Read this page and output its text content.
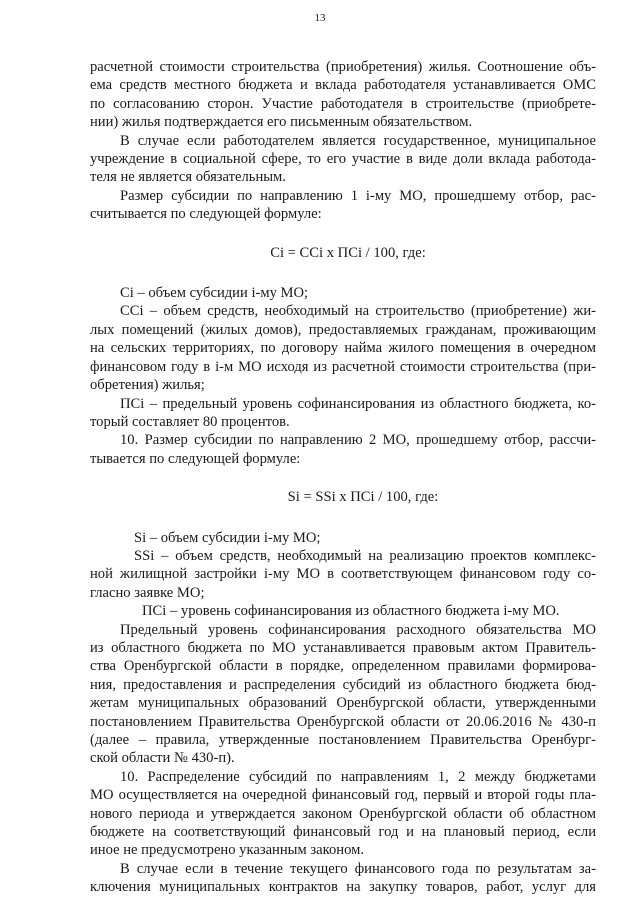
13
расчетной стоимости строительства (приобретения) жилья. Соотношение объ-
ема средств местного бюджета и вклада работодателя устанавливается ОМС
по согласованию сторон. Участие работодателя в строительстве (приобрете-
нии) жилья подтверждается его письменным обязательством.
В случае если работодателем является государственное, муниципальное
учреждение в социальной сфере, то его участие в виде доли вклада работода-
теля не является обязательным.
Размер субсидии по направлению 1 i-му МО, прошедшему отбор, рас-
считывается по следующей формуле:
Ci = CCi x ПCi / 100, где:
Ci – объем субсидии i-му МО;
CCi – объем средств, необходимый на строительство (приобретение) жи-
лых помещений (жилых домов), предоставляемых гражданам, проживающим
на сельских территориях, по договору найма жилого помещения в очередном
финансовом году в i-м МО исходя из расчетной стоимости строительства (при-
обретения) жилья;
ПCi – предельный уровень софинансирования из областного бюджета, ко-
торый составляет 80 процентов.
10. Размер субсидии по направлению 2 МО, прошедшему отбор, рассчи-
тывается по следующей формуле:
Si = SSi x ПCi / 100, где:
Si – объем субсидии i-му МО;
SSi – объем средств, необходимый на реализацию проектов комплекс-
ной жилищной застройки i-му МО в соответствующем финансовом году со-
гласно заявке МО;
ПCi – уровень софинансирования из областного бюджета i-му МО.
Предельный уровень софинансирования расходного обязательства МО
из областного бюджета по МО устанавливается правовым актом Правитель-
ства Оренбургской области в порядке, определенном правилами формирова-
ния, предоставления и распределения субсидий из областного бюджета бюд-
жетам муниципальных образований Оренбургской области, утвержденными
постановлением Правительства Оренбургской области от 20.06.2016 № 430-п
(далее – правила, утвержденные постановлением Правительства Оренбург-
ской области № 430-п).
10. Распределение субсидий по направлениям 1, 2 между бюджетами
МО осуществляется на очередной финансовый год, первый и второй годы пла-
нового периода и утверждается законом Оренбургской области об областном
бюджете на соответствующий финансовый год и на плановый период, если
иное не предусмотрено указанным законом.
В случае если в течение текущего финансового года по результатам за-
ключения муниципальных контрактов на закупку товаров, работ, услуг для
